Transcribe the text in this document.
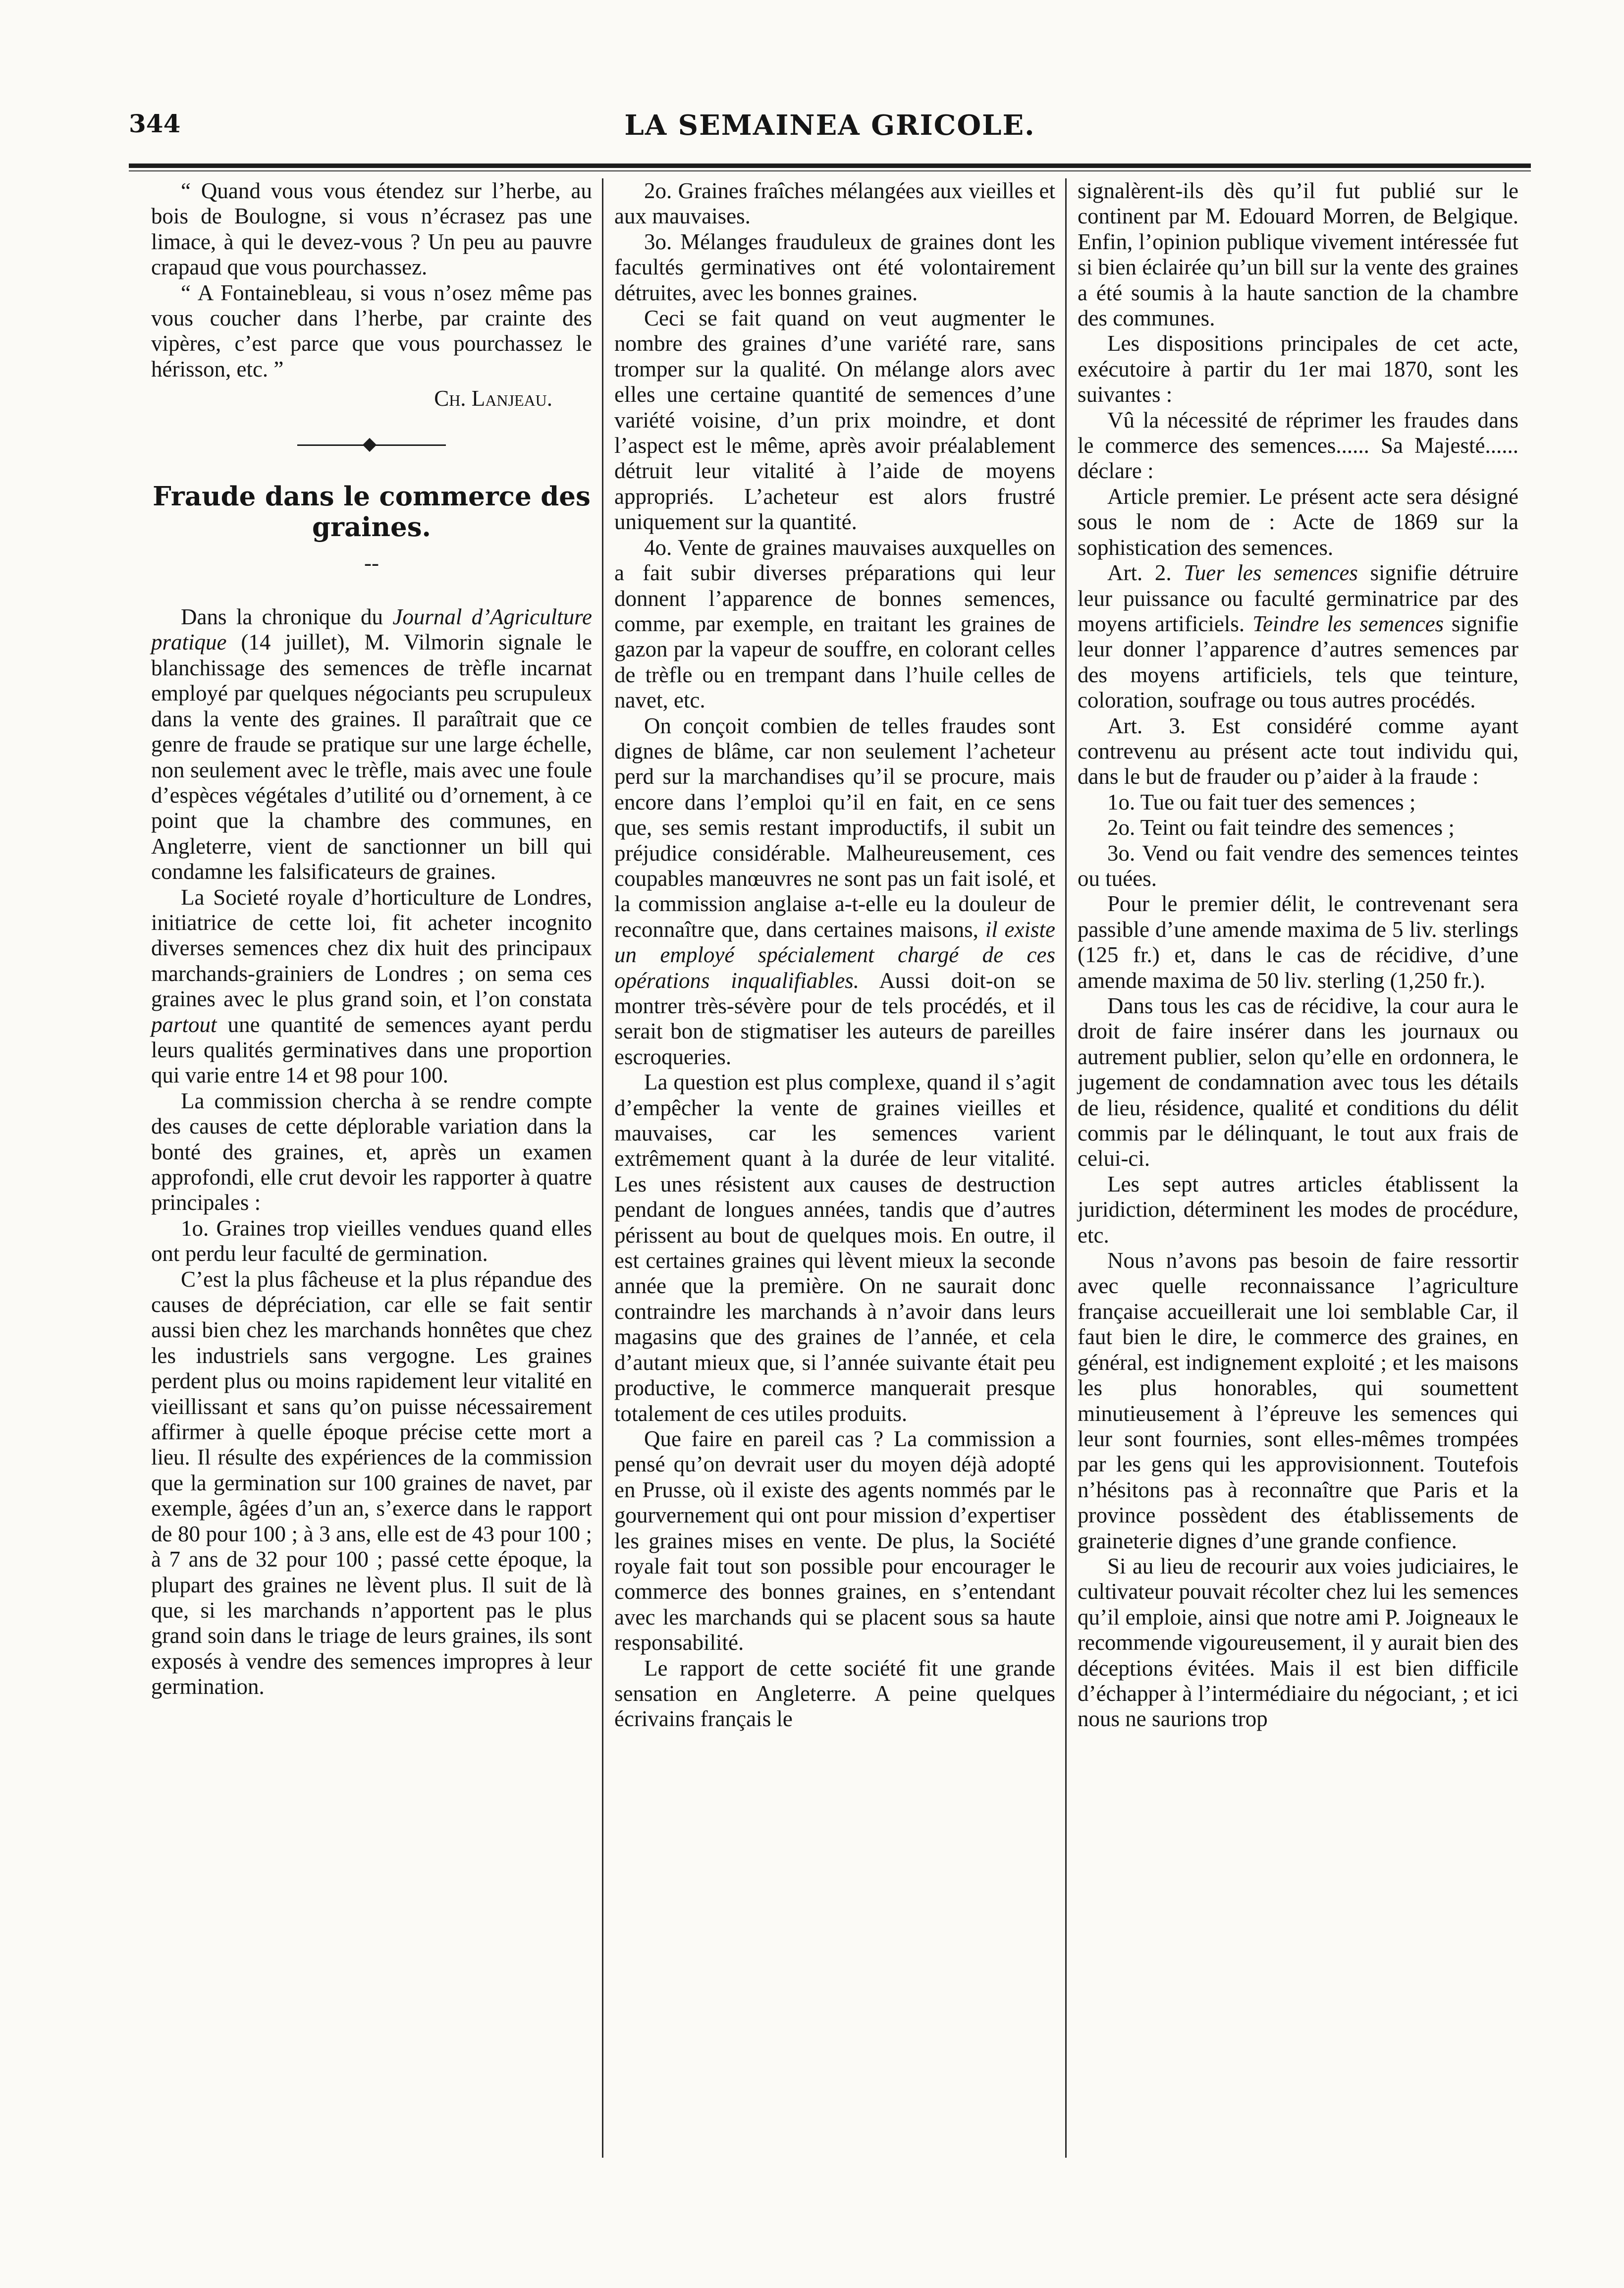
344	LA SEMAINEA GRICOLE.

“ Quand vous vous étendez sur l’herbe, au bois de Boulogne, si vous n’écrasez pas une limace, à qui le devez-vous ? Un peu au pauvre crapaud que vous pourchassez.

“ A Fontainebleau, si vous n’osez même pas vous coucher dans l’herbe, par crainte des vipères, c’est parce que vous pourchassez le hérisson, etc. ”

Ch. Lanjeau.

Fraude dans le commerce des graines.
--

Dans la chronique du Journal d’Agriculture pratique (14 juillet), M. Vilmorin signale le blanchissage des semences de trèfle incarnat employé par quelques négociants peu scrupuleux dans la vente des graines. Il paraîtrait que ce genre de fraude se pratique sur une large échelle, non seulement avec le trèfle, mais avec une foule d’espèces végétales d’utilité ou d’ornement, à ce point que la chambre des communes, en Angleterre, vient de sanctionner un bill qui condamne les falsificateurs de graines.

La Societé royale d’horticulture de Londres, initiatrice de cette loi, fit acheter incognito diverses semences chez dix huit des principaux marchands-grainiers de Londres ; on sema ces graines avec le plus grand soin, et l’on constata partout une quantité de semences ayant perdu leurs qualités germinatives dans une proportion qui varie entre 14 et 98 pour 100.

La commission chercha à se rendre compte des causes de cette déplorable variation dans la bonté des graines, et, après un examen approfondi, elle crut devoir les rapporter à quatre principales :

1o. Graines trop vieilles vendues quand elles ont perdu leur faculté de germination.

C’est la plus fâcheuse et la plus répandue des causes de dépréciation, car elle se fait sentir aussi bien chez les marchands honnêtes que chez les industriels sans vergogne. Les graines perdent plus ou moins rapidement leur vitalité en vieillissant et sans qu’on puisse nécessairement affirmer à quelle époque précise cette mort a lieu. Il résulte des expériences de la commission que la germination sur 100 graines de navet, par exemple, âgées d’un an, s’exerce dans le rapport de 80 pour 100 ; à 3 ans, elle est de 43 pour 100 ; à 7 ans de 32 pour 100 ; passé cette époque, la plupart des graines ne lèvent plus. Il suit de là que, si les marchands n’apportent pas le plus grand soin dans le triage de leurs graines, ils sont exposés à vendre des semences impropres à leur germination.

2o. Graines fraîches mélangées aux vieilles et aux mauvaises.

3o. Mélanges frauduleux de graines dont les facultés germinatives ont été volontairement détruites, avec les bonnes graines.

Ceci se fait quand on veut augmenter le nombre des graines d’une variété rare, sans tromper sur la qualité. On mélange alors avec elles une certaine quantité de semences d’une variété voisine, d’un prix moindre, et dont l’aspect est le même, après avoir préalablement détruit leur vitalité à l’aide de moyens appropriés. L’acheteur est alors frustré uniquement sur la quantité.

4o. Vente de graines mauvaises auxquelles on a fait subir diverses préparations qui leur donnent l’apparence de bonnes semences, comme, par exemple, en traitant les graines de gazon par la vapeur de souffre, en colorant celles de trèfle ou en trempant dans l’huile celles de navet, etc.

On conçoit combien de telles fraudes sont dignes de blâme, car non seulement l’acheteur perd sur la marchandises qu’il se procure, mais encore dans l’emploi qu’il en fait, en ce sens que, ses semis restant improductifs, il subit un préjudice considérable. Malheureusement, ces coupables manœuvres ne sont pas un fait isolé, et la commission anglaise a-t-elle eu la douleur de reconnaître que, dans certaines maisons, il existe un employé spécialement chargé de ces opérations inqualifiables. Aussi doit-on se montrer très-sévère pour de tels procédés, et il serait bon de stigmatiser les auteurs de pareilles escroqueries.

La question est plus complexe, quand il s’agit d’empêcher la vente de graines vieilles et mauvaises, car les semences varient extrêmement quant à la durée de leur vitalité. Les unes résistent aux causes de destruction pendant de longues années, tandis que d’autres périssent au bout de quelques mois. En outre, il est certaines graines qui lèvent mieux la seconde année que la première. On ne saurait donc contraindre les marchands à n’avoir dans leurs magasins que des graines de l’année, et cela d’autant mieux que, si l’année suivante était peu productive, le commerce manquerait presque totalement de ces utiles produits.

Que faire en pareil cas ? La commission a pensé qu’on devrait user du moyen déjà adopté en Prusse, où il existe des agents nommés par le gourvernement qui ont pour mission d’expertiser les graines mises en vente. De plus, la Société royale fait tout son possible pour encourager le commerce des bonnes graines, en s’entendant avec les marchands qui se placent sous sa haute responsabilité.

Le rapport de cette société fit une grande sensation en Angleterre. A peine quelques écrivains français le

signalèrent-ils dès qu’il fut publié sur le continent par M. Edouard Morren, de Belgique. Enfin, l’opinion publique vivement intéressée fut si bien éclairée qu’un bill sur la vente des graines a été soumis à la haute sanction de la chambre des communes.

Les dispositions principales de cet acte, exécutoire à partir du 1er mai 1870, sont les suivantes :

Vû la nécessité de réprimer les fraudes dans le commerce des semences...... Sa Majesté...... déclare :

Article premier. Le présent acte sera désigné sous le nom de : Acte de 1869 sur la sophistication des semences.

Art. 2. Tuer les semences signifie détruire leur puissance ou faculté germinatrice par des moyens artificiels. Teindre les semences signifie leur donner l’apparence d’autres semences par des moyens artificiels, tels que teinture, coloration, soufrage ou tous autres procédés.

Art. 3. Est considéré comme ayant contrevenu au présent acte tout individu qui, dans le but de frauder ou p’aider à la fraude :

1o. Tue ou fait tuer des semences ;

2o. Teint ou fait teindre des semences ;

3o. Vend ou fait vendre des semences teintes ou tuées.

Pour le premier délit, le contrevenant sera passible d’une amende maxima de 5 liv. sterlings (125 fr.) et, dans le cas de récidive, d’une amende maxima de 50 liv. sterling (1,250 fr.).

Dans tous les cas de récidive, la cour aura le droit de faire insérer dans les journaux ou autrement publier, selon qu’elle en ordonnera, le jugement de condamnation avec tous les détails de lieu, résidence, qualité et conditions du délit commis par le délinquant, le tout aux frais de celui-ci.

Les sept autres articles établissent la juridiction, déterminent les modes de procédure, etc.

Nous n’avons pas besoin de faire ressortir avec quelle reconnaissance l’agriculture française accueillerait une loi semblable Car, il faut bien le dire, le commerce des graines, en général, est indignement exploité ; et les maisons les plus honorables, qui soumettent minutieusement à l’épreuve les semences qui leur sont fournies, sont elles-mêmes trompées par les gens qui les approvisionnent. Toutefois n’hésitons pas à reconnaître que Paris et la province possèdent des établissements de graineterie dignes d’une grande confience.

Si au lieu de recourir aux voies judiciaires, le cultivateur pouvait récolter chez lui les semences qu’il emploie, ainsi que notre ami P. Joigneaux le recommende vigoureusement, il y aurait bien des déceptions évitées. Mais il est bien difficile d’échapper à l’intermédiaire du négociant, ; et ici nous ne saurions trop
